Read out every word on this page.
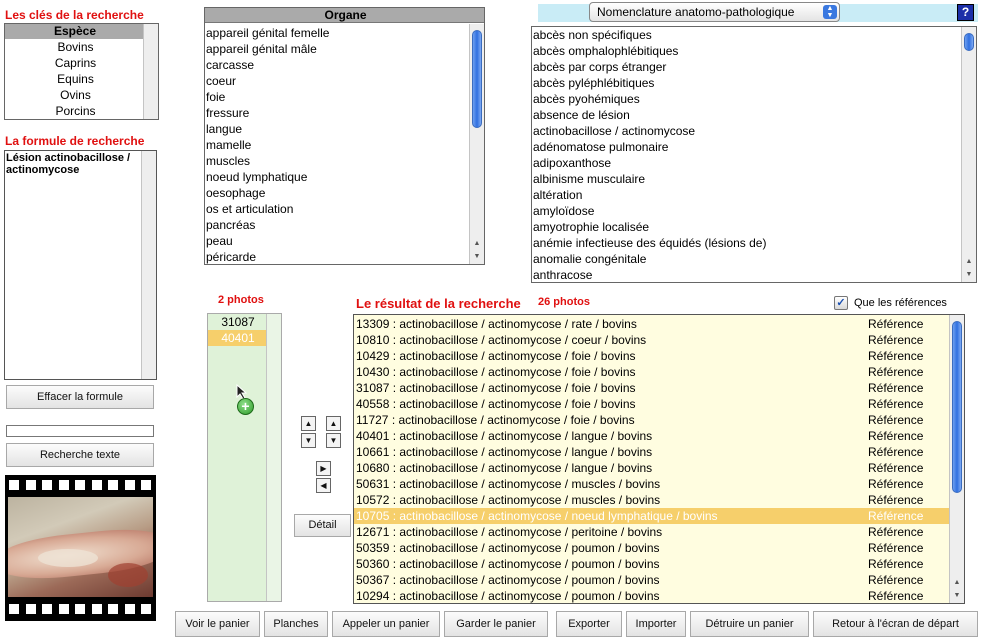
Les clés de la recherche
Espèce
Bovins
Caprins
Equins
Ovins
Porcins
La formule de recherche
Lésion actinobacillose / actinomycose
Effacer la formule
Recherche texte
Organe
appareil génital femelle
appareil génital mâle
carcasse
coeur
foie
fressure
langue
mamelle
muscles
noeud lymphatique
oesophage
os et articulation
pancréas
peau
péricarde
▲
▼
Nomenclature anatomo-pathologique	▲
▼	?
abcès non spécifiques
abcès omphalophlébitiques
abcès par corps étranger
abcès pyléphlébitiques
abcès pyohémiques
absence de lésion
actinobacillose / actinomycose
adénomatose pulmonaire
adipoxanthose
albinisme musculaire
altération
amyloïdose
amyotrophie localisée
anémie infectieuse des équidés (lésions de)
anomalie congénitale
anthracose
▲
▼
2 photos
31087
40401
+
▲	▲
▼	▼
▶
◀
Détail
Le résultat de la recherche 26 photos	✓ Que les références
13309 : actinobacillose / actinomycose / rate / bovins	Référence
10810 : actinobacillose / actinomycose / coeur / bovins	Référence
10429 : actinobacillose / actinomycose / foie / bovins	Référence
10430 : actinobacillose / actinomycose / foie / bovins	Référence
31087 : actinobacillose / actinomycose / foie / bovins	Référence
40558 : actinobacillose / actinomycose / foie / bovins	Référence
11727 : actinobacillose / actinomycose / foie / bovins	Référence
40401 : actinobacillose / actinomycose / langue / bovins	Référence
10661 : actinobacillose / actinomycose / langue / bovins	Référence
10680 : actinobacillose / actinomycose / langue / bovins	Référence
50631 : actinobacillose / actinomycose / muscles / bovins	Référence
10572 : actinobacillose / actinomycose / muscles / bovins	Référence
10705 : actinobacillose / actinomycose / noeud lymphatique / bovins	Référence
12671 : actinobacillose / actinomycose / peritoine / bovins	Référence
50359 : actinobacillose / actinomycose / poumon / bovins	Référence
50360 : actinobacillose / actinomycose / poumon / bovins	Référence
50367 : actinobacillose / actinomycose / poumon / bovins	Référence
10294 : actinobacillose / actinomycose / poumon / bovins	Référence
▲
▼
Voir le panier	Planches	Appeler un panier	Garder le panier	Exporter	Importer	Détruire un panier	Retour à l'écran de départ
